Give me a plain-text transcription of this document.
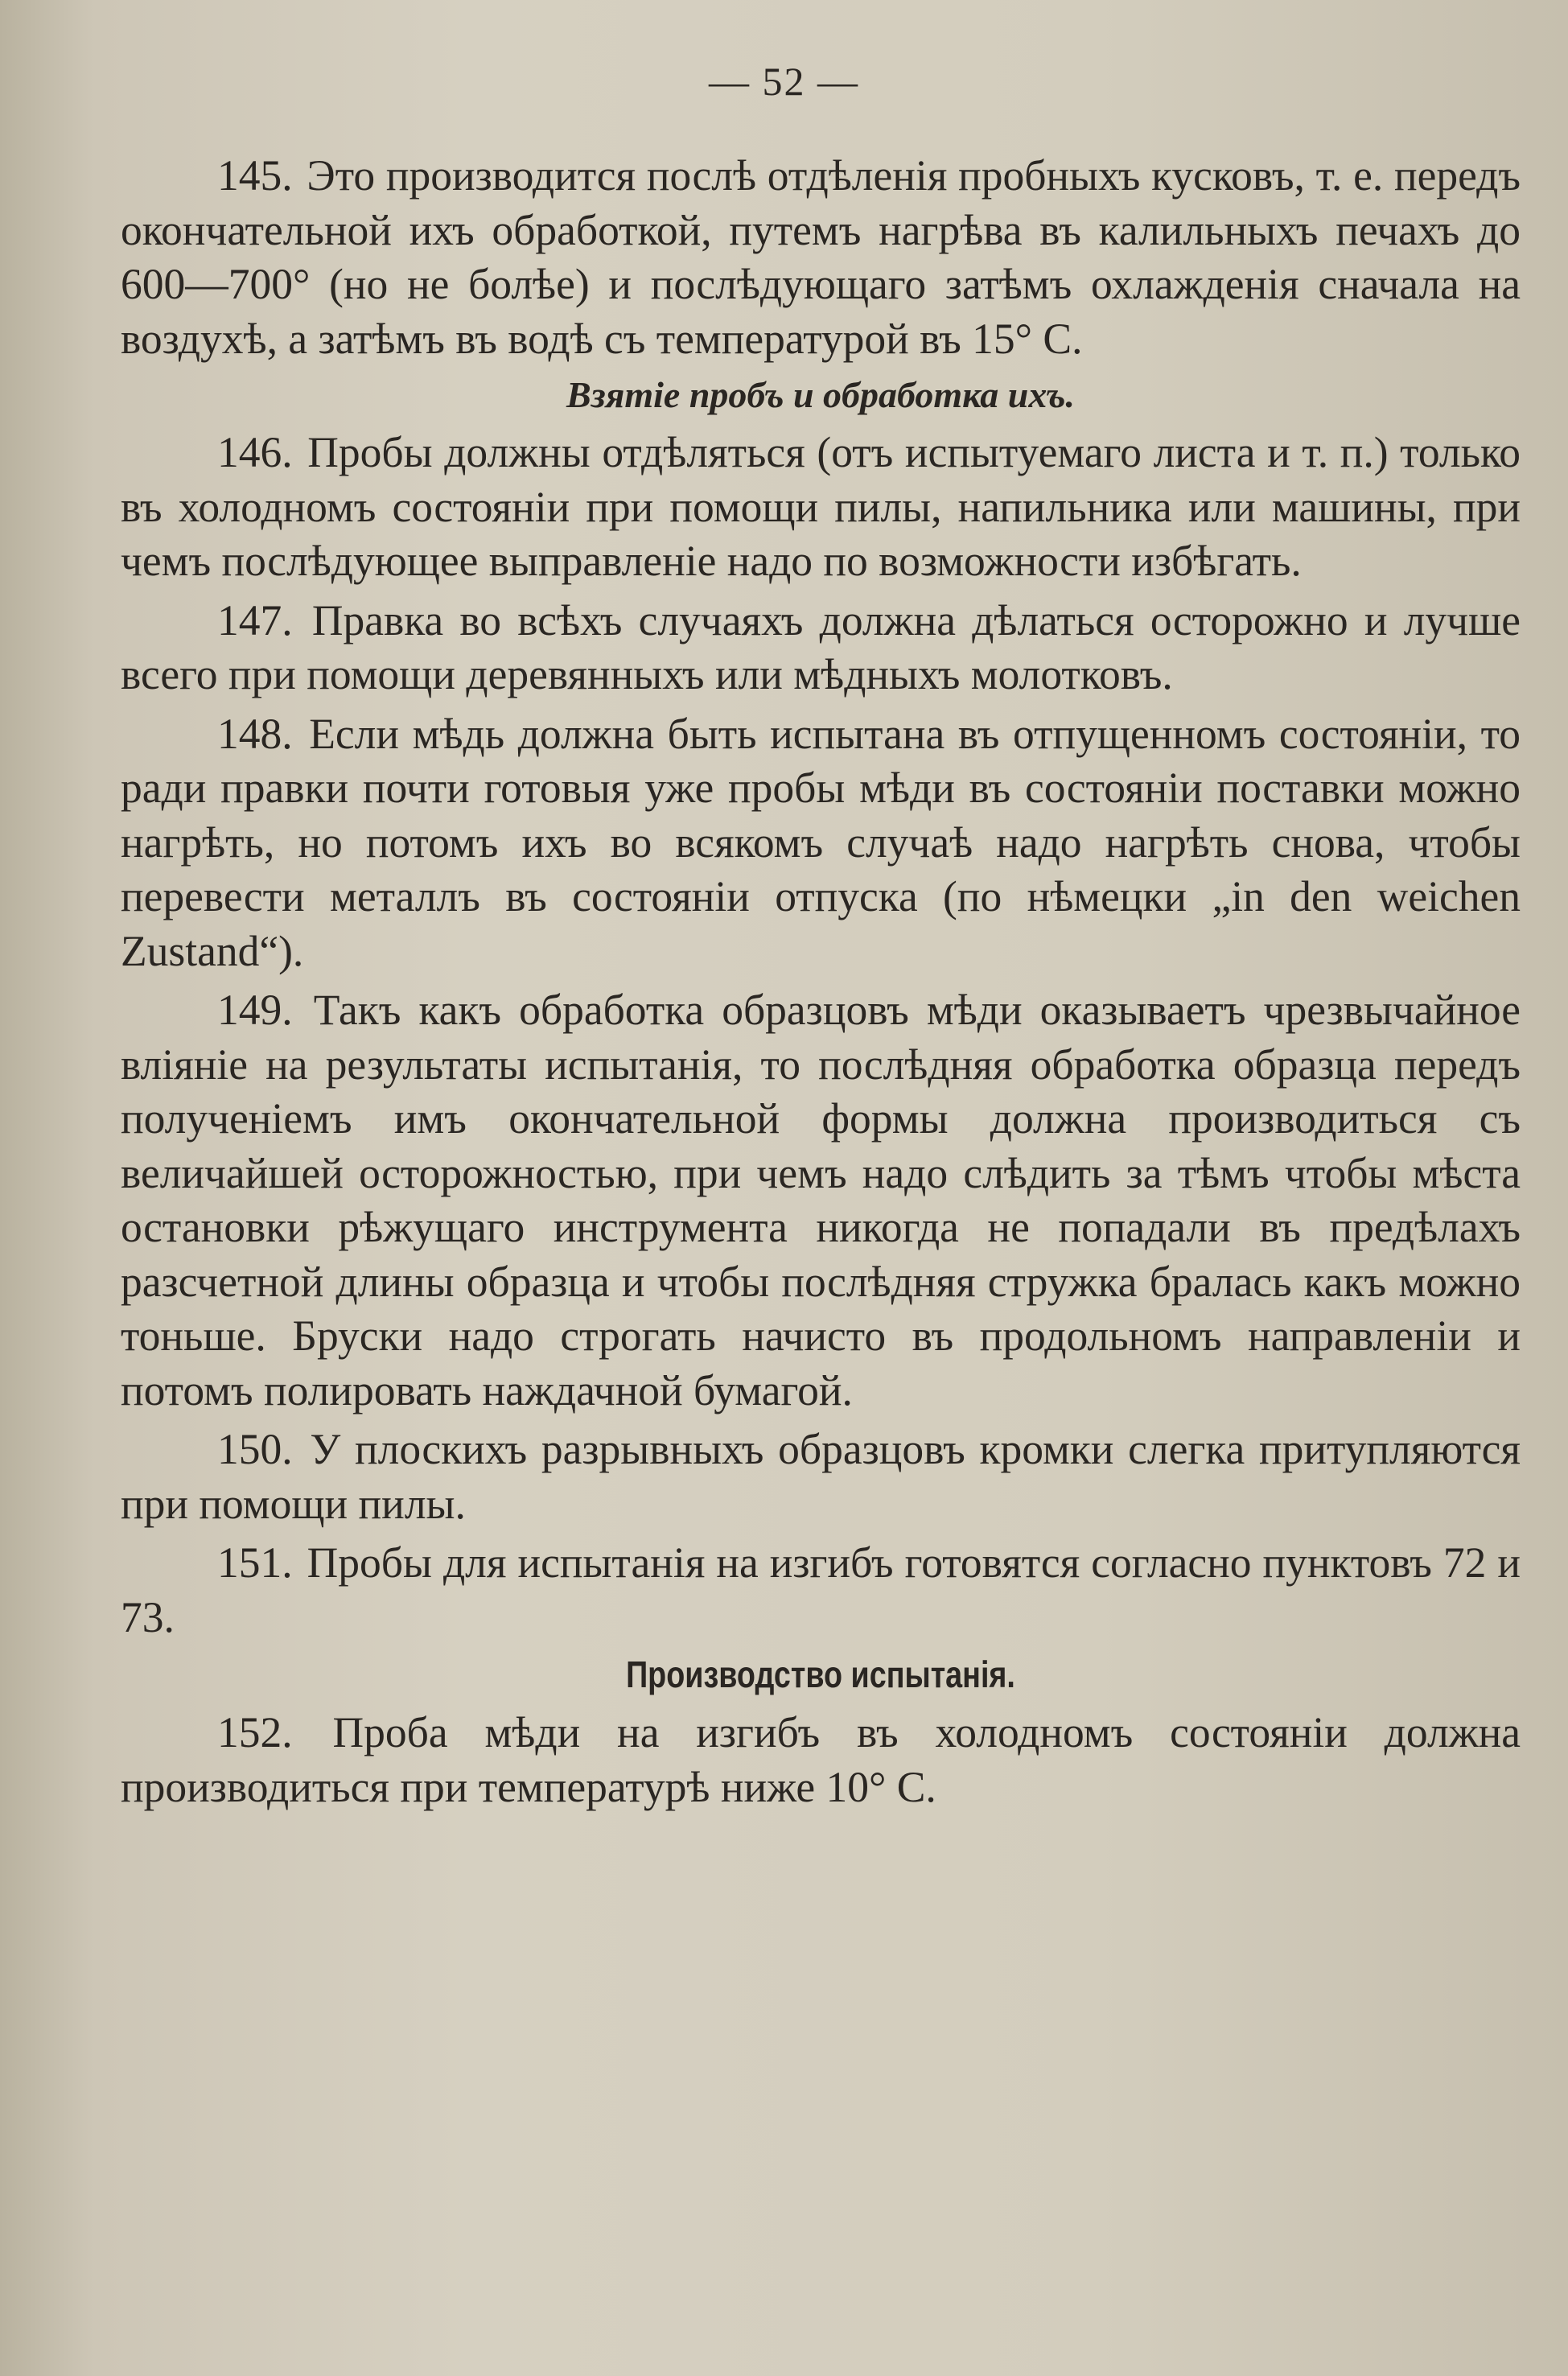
— 52 —

145. Это производится послѣ отдѣленія пробныхъ кусковъ, т. е. передъ окончательной ихъ обработкой, путемъ нагрѣва въ калильныхъ печахъ до 600—700° (но не болѣе) и послѣдующаго затѣмъ охлажденія сначала на воздухѣ, а затѣмъ въ водѣ съ температурой въ 15° С.

Взятіе пробъ и обработка ихъ.

146. Пробы должны отдѣляться (отъ испытуемаго листа и т. п.) только въ холодномъ состояніи при помощи пилы, напильника или машины, при чемъ послѣдующее выправленіе надо по возможности избѣгать.

147. Правка во всѣхъ случаяхъ должна дѣлаться осторожно и лучше всего при помощи деревянныхъ или мѣдныхъ молотковъ.

148. Если мѣдь должна быть испытана въ отпущенномъ состояніи, то ради правки почти готовыя уже пробы мѣди въ состояніи поставки можно нагрѣть, но потомъ ихъ во всякомъ случаѣ надо нагрѣть снова, чтобы перевести металлъ въ состояніи отпуска (по нѣмецки „in den weichen Zustand“).

149. Такъ какъ обработка образцовъ мѣди оказываетъ чрезвычайное вліяніе на результаты испытанія, то послѣдняя обработка образца передъ полученіемъ имъ окончательной формы должна производиться съ величайшей осторожностью, при чемъ надо слѣдить за тѣмъ чтобы мѣста остановки рѣжущаго инструмента никогда не попадали въ предѣлахъ разсчетной длины образца и чтобы послѣдняя стружка бралась какъ можно тоньше. Бруски надо строгать начисто въ продольномъ направленіи и потомъ полировать наждачной бумагой.

150. У плоскихъ разрывныхъ образцовъ кромки слегка притупляются при помощи пилы.

151. Пробы для испытанія на изгибъ готовятся согласно пунктовъ 72 и 73.

Производство испытанія.

152. Проба мѣди на изгибъ въ холодномъ состояніи должна производиться при температурѣ ниже 10° С.
